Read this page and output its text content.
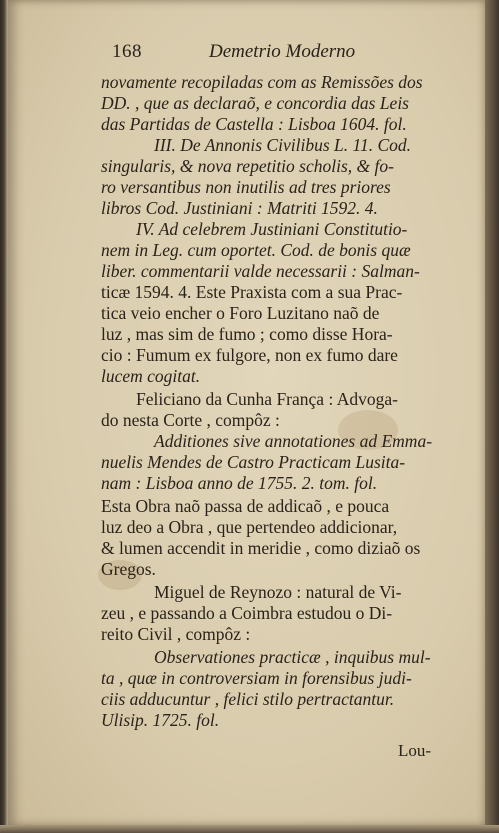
168	Demetrio Moderno
novamente recopiladas com as Remissões dos
DD. , que as declaraõ, e concordia das Leis
das Partidas de Castella : Lisboa 1604. fol.
III. De Annonis Civilibus L. 11. Cod.
singularis, & nova repetitio scholis, & fo-
ro versantibus non inutilis ad tres priores
libros Cod. Justiniani : Matriti 1592. 4.
IV. Ad celebrem Justiniani Constitutio-
nem in Leg. cum oportet. Cod. de bonis quæ
liber. commentarii valde necessarii : Salman-
ticæ 1594. 4. Este Praxista com a sua Prac-
tica veio encher o Foro Luzitano naõ de
luz , mas sim de fumo ; como disse Hora-
cio : Fumum ex fulgore, non ex fumo dare
lucem cogitat.
Feliciano da Cunha França : Advoga-
do nesta Corte , compôz :
Additiones sive annotationes ad Emma-
nuelis Mendes de Castro Practicam Lusita-
nam : Lisboa anno de 1755. 2. tom. fol.
Esta Obra naõ passa de addicaõ , e pouca
luz deo a Obra , que pertendeo addicionar,
& lumen accendit in meridie , como diziaõ os
Gregos.
Miguel de Reynozo : natural de Vi-
zeu , e passando a Coimbra estudou o Di-
reito Civil , compôz :
Observationes practicæ , inquibus mul-
ta , quæ in controversiam in forensibus judi-
ciis adducuntur , felici stilo pertractantur.
Ulisip. 1725. fol.
Lou-
